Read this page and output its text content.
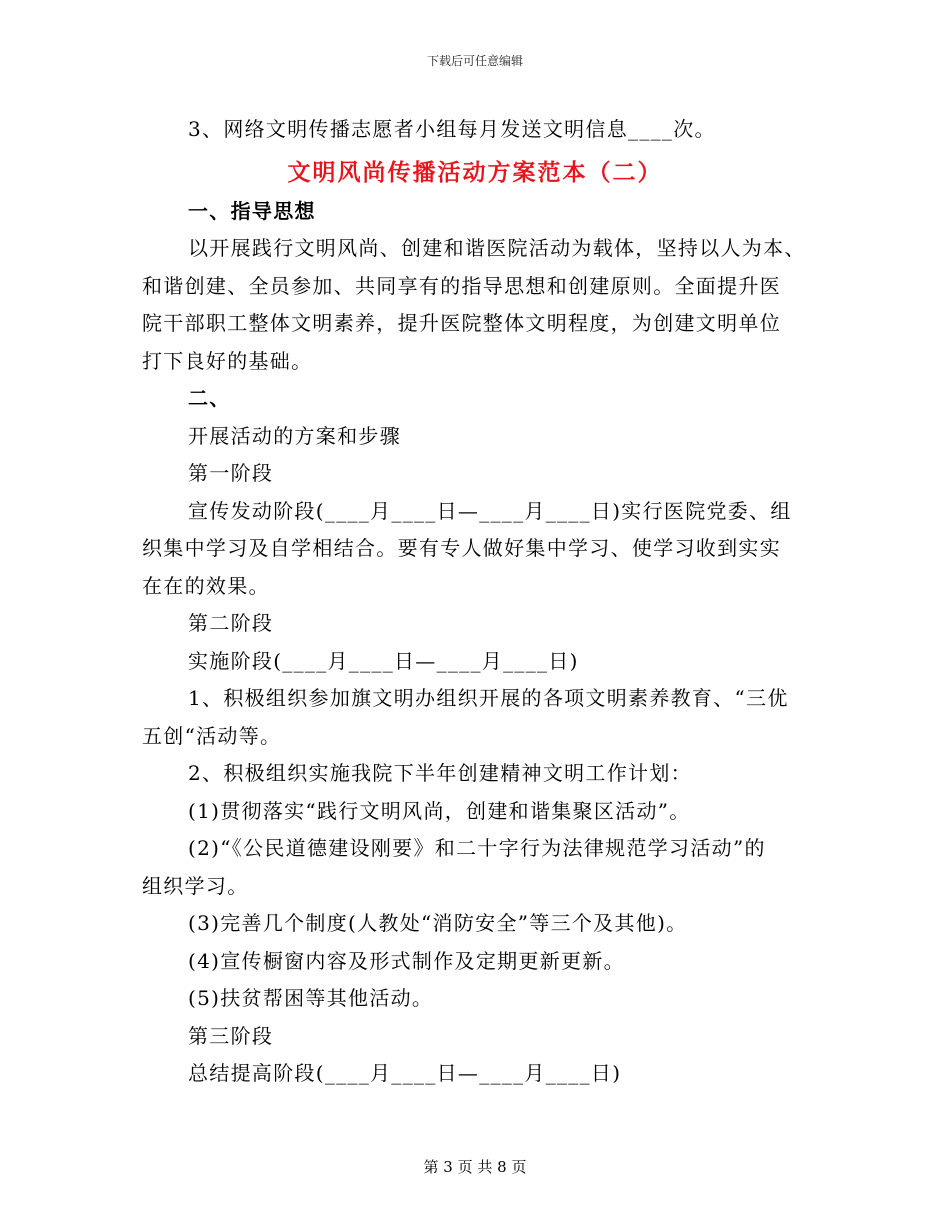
下载后可任意编辑

3、网络文明传播志愿者小组每月发送文明信息____次。

文明风尚传播活动方案范本（二）

一、指导思想

以开展践行文明风尚、创建和谐医院活动为载体，坚持以人为本、

和谐创建、全员参加、共同享有的指导思想和创建原则。全面提升医

院干部职工整体文明素养，提升医院整体文明程度，为创建文明单位

打下良好的基础。

二、

开展活动的方案和步骤

第一阶段

宣传发动阶段(____月____日—____月____日)实行医院党委、组

织集中学习及自学相结合。要有专人做好集中学习、使学习收到实实

在在的效果。

第二阶段

实施阶段(____月____日—____月____日)

1、积极组织参加旗文明办组织开展的各项文明素养教育、“三优

五创“活动等。

2、积极组织实施我院下半年创建精神文明工作计划：

(1)贯彻落实“践行文明风尚，创建和谐集聚区活动”。

(2)“《公民道德建设刚要》和二十字行为法律规范学习活动”的

组织学习。

(3)完善几个制度(人教处“消防安全”等三个及其他)。

(4)宣传橱窗内容及形式制作及定期更新更新。

(5)扶贫帮困等其他活动。

第三阶段

总结提高阶段(____月____日—____月____日)

第 3 页 共 8 页
